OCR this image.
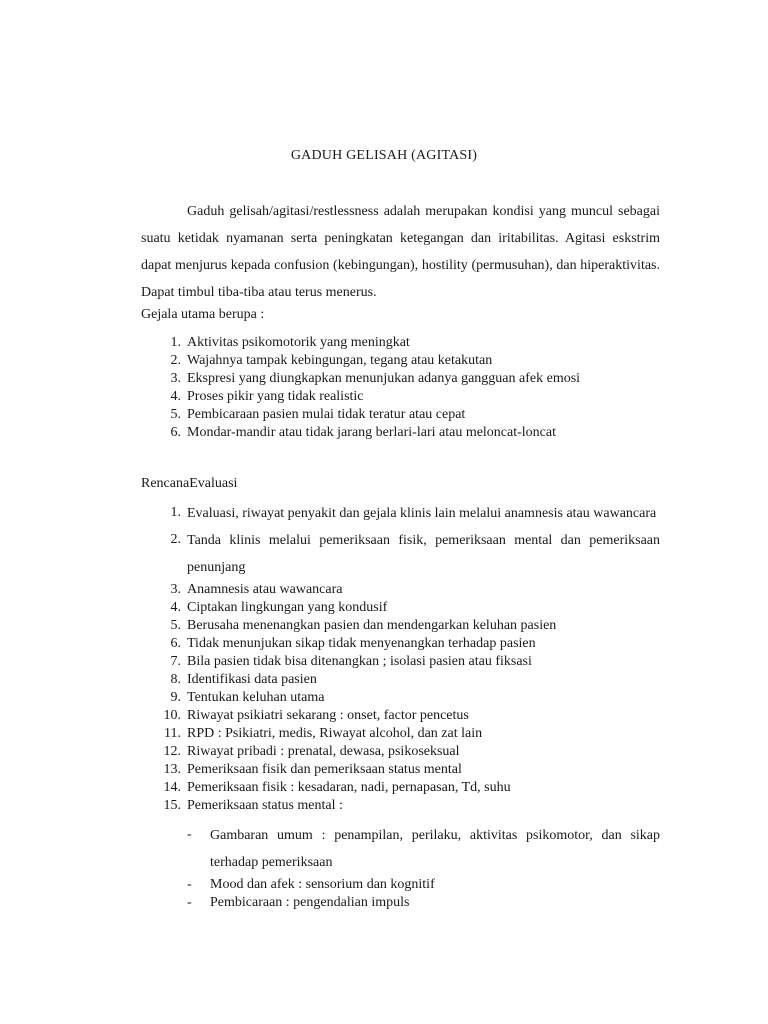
GADUH GELISAH (AGITASI)
Gaduh gelisah/agitasi/restlessness adalah merupakan kondisi yang muncul sebagai suatu ketidak nyamanan serta peningkatan ketegangan dan iritabilitas. Agitasi eskstrim dapat menjurus kepada confusion (kebingungan), hostility (permusuhan), dan hiperaktivitas. Dapat timbul tiba-tiba atau terus menerus.
Gejala utama berupa :
1. Aktivitas psikomotorik yang meningkat
2. Wajahnya tampak kebingungan, tegang atau ketakutan
3. Ekspresi yang diungkapkan menunjukan adanya gangguan afek emosi
4. Proses pikir yang tidak realistic
5. Pembicaraan pasien mulai tidak teratur atau cepat
6. Mondar-mandir atau tidak jarang berlari-lari atau meloncat-loncat
RencanaEvaluasi
1. Evaluasi, riwayat penyakit dan gejala klinis lain melalui anamnesis atau wawancara
2. Tanda klinis melalui pemeriksaan fisik, pemeriksaan mental dan pemeriksaan penunjang
3. Anamnesis atau wawancara
4. Ciptakan lingkungan yang kondusif
5. Berusaha menenangkan pasien dan mendengarkan keluhan pasien
6. Tidak menunjukan sikap tidak menyenangkan terhadap pasien
7. Bila pasien tidak bisa ditenangkan ; isolasi pasien atau fiksasi
8. Identifikasi data pasien
9. Tentukan keluhan utama
10. Riwayat psikiatri sekarang : onset, factor pencetus
11. RPD : Psikiatri, medis, Riwayat alcohol, dan zat lain
12. Riwayat pribadi : prenatal, dewasa, psikoseksual
13. Pemeriksaan fisik dan pemeriksaan status mental
14. Pemeriksaan fisik : kesadaran, nadi, pernapasan, Td, suhu
15. Pemeriksaan status mental :
- Gambaran umum : penampilan, perilaku, aktivitas psikomotor, dan sikap terhadap pemeriksaan
- Mood dan afek : sensorium dan kognitif
- Pembicaraan : pengendalian impuls
